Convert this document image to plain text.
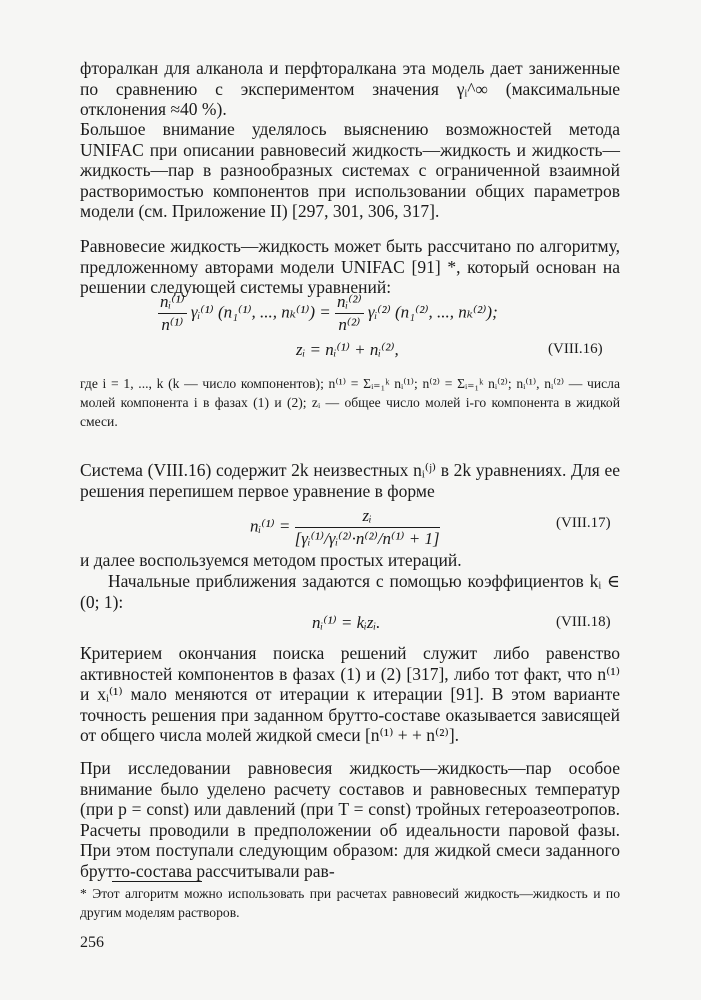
фторалкан для алканола и перфторалкана эта модель дает заниженные по сравнению с экспериментом значения γᵢ^∞ (максимальные отклонения ≈40 %).

Большое внимание уделялось выяснению возможностей метода UNIFAC при описании равновесий жидкость—жидкость и жидкость—жидкость—пар в разнообразных системах с ограниченной взаимной растворимостью компонентов при использовании общих параметров модели (см. Приложение II) [297, 301, 306, 317].

Равновесие жидкость—жидкость может быть рассчитано по алгоритму, предложенному авторами модели UNIFAC [91] *, который основан на решении следующей системы уравнений:

$\frac{\text{nᵢ⁽¹⁾}}{\text{n⁽¹⁾}}$ γᵢ⁽¹⁾ (n₁⁽¹⁾, ..., $n_k^{(1)}) = \frac{\text{nᵢ⁽²⁾}}{\text{n⁽²⁾}}$ γᵢ⁽²⁾ (n₁⁽²⁾, ..., nₖ⁽²⁾);
zᵢ = nᵢ⁽¹⁾ + nᵢ⁽²⁾,	(VIII.16)

где i = 1, ..., k (k — число компонентов); n⁽¹⁾ = Σᵢ₌₁ᵏ nᵢ⁽¹⁾; n⁽²⁾ = Σᵢ₌₁ᵏ nᵢ⁽²⁾; nᵢ⁽¹⁾, nᵢ⁽²⁾ — числа молей компонента i в фазах (1) и (2); zᵢ — общее число молей i-го компонента в жидкой смеси.

Система (VIII.16) содержит 2k неизвестных nᵢ⁽ʲ⁾ в 2k уравнениях. Для ее решения перепишем первое уравнение в форме

nᵢ⁽¹⁾ = $\frac{\text{zᵢ}}{\text{[γᵢ⁽¹⁾/γᵢ⁽²⁾·n⁽²⁾/n⁽¹⁾ + 1]}}$	(VIII.17)

и далее воспользуемся методом простых итераций.

Начальные приближения задаются с помощью коэффициентов kᵢ ∈ (0; 1):

nᵢ⁽¹⁾ = kᵢzᵢ.	(VIII.18)

Критерием окончания поиска решений служит либо равенство активностей компонентов в фазах (1) и (2) [317], либо тот факт, что n⁽¹⁾ и xᵢ⁽¹⁾ мало меняются от итерации к итерации [91]. В этом варианте точность решения при заданном брутто-составе оказывается зависящей от общего числа молей жидкой смеси [n⁽¹⁾ + + n⁽²⁾].

При исследовании равновесия жидкость—жидкость—пар особое внимание было уделено расчету составов и равновесных температур (при p = const) или давлений (при T = const) тройных гетероазеотропов. Расчеты проводили в предположении об идеальности паровой фазы. При этом поступали следующим образом: для жидкой смеси заданного брутто-состава рассчитывали рав-

* Этот алгоритм можно использовать при расчетах равновесий жидкость—жидкость и по другим моделям растворов.

256
